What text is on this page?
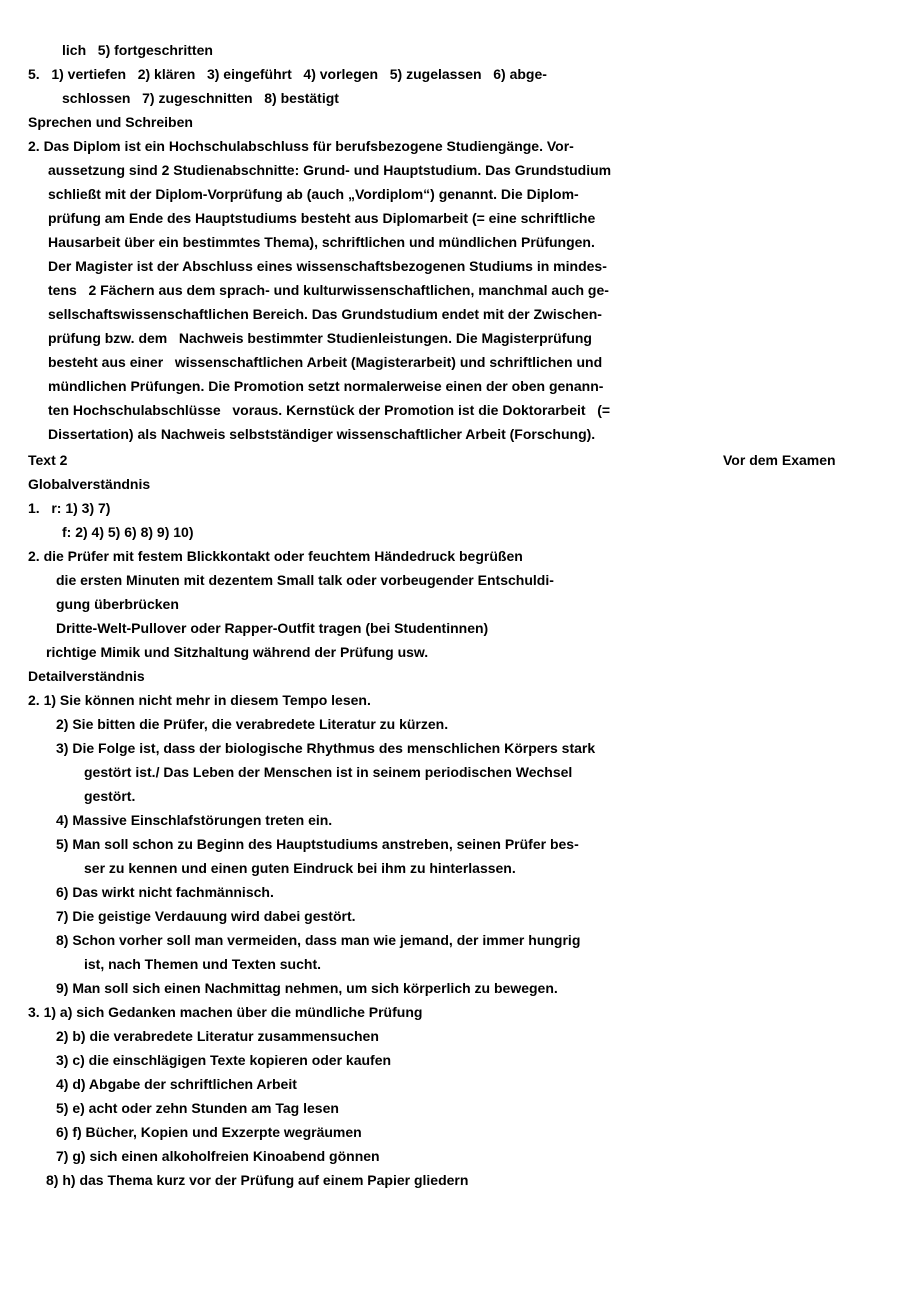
lich   5) fortgeschritten
5.   1) vertiefen   2) klären   3) eingeführt   4) vorlegen   5) zugelassen   6) abge-
schlossen   7) zugeschnitten   8) bestätigt
Sprechen und Schreiben
2. Das Diplom ist ein Hochschulabschluss für berufsbezogene Studiengänge. Vor-
aussetzung sind 2 Studienabschnitte: Grund- und Hauptstudium. Das Grundstudium
schließt mit der Diplom-Vorprüfung ab (auch „Vordiplom“) genannt. Die Diplom-
prüfung am Ende des Hauptstudiums besteht aus Diplomarbeit (= eine schriftliche
Hausarbeit über ein bestimmtes Thema), schriftlichen und mündlichen Prüfungen.
Der Magister ist der Abschluss eines wissenschaftsbezogenen Studiums in mindes-
tens   2 Fächern aus dem sprach- und kulturwissenschaftlichen, manchmal auch ge-
sellschaftswissenschaftlichen Bereich. Das Grundstudium endet mit der Zwischen-
prüfung bzw. dem   Nachweis bestimmter Studienleistungen. Die Magisterprüfung
besteht aus einer   wissenschaftlichen Arbeit (Magisterarbeit) und schriftlichen und
mündlichen Prüfungen. Die Promotion setzt normalerweise einen der oben genann-
ten Hochschulabschlüsse   voraus. Kernstück der Promotion ist die Doktorarbeit   (=
Dissertation) als Nachweis selbstständiger wissenschaftlicher Arbeit (Forschung).
Text 2	Vor dem Examen
Globalverständnis
1.   r: 1) 3) 7)
f: 2) 4) 5) 6) 8) 9) 10)
2. die Prüfer mit festem Blickkontakt oder feuchtem Händedruck begrüßen
die ersten Minuten mit dezentem Small talk oder vorbeugender Entschuldi-
gung überbrücken
Dritte-Welt-Pullover oder Rapper-Outfit tragen (bei Studentinnen)
richtige Mimik und Sitzhaltung während der Prüfung usw.
Detailverständnis
2. 1) Sie können nicht mehr in diesem Tempo lesen.
2) Sie bitten die Prüfer, die verabredete Literatur zu kürzen.
3) Die Folge ist, dass der biologische Rhythmus des menschlichen Körpers stark
gestört ist./ Das Leben der Menschen ist in seinem periodischen Wechsel
gestört.
4) Massive Einschlafstörungen treten ein.
5) Man soll schon zu Beginn des Hauptstudiums anstreben, seinen Prüfer bes-
ser zu kennen und einen guten Eindruck bei ihm zu hinterlassen.
6) Das wirkt nicht fachmännisch.
7) Die geistige Verdauung wird dabei gestört.
8) Schon vorher soll man vermeiden, dass man wie jemand, der immer hungrig
ist, nach Themen und Texten sucht.
9) Man soll sich einen Nachmittag nehmen, um sich körperlich zu bewegen.
3. 1) a) sich Gedanken machen über die mündliche Prüfung
2) b) die verabredete Literatur zusammensuchen
3) c) die einschlägigen Texte kopieren oder kaufen
4) d) Abgabe der schriftlichen Arbeit
5) e) acht oder zehn Stunden am Tag lesen
6) f) Bücher, Kopien und Exzerpte wegräumen
7) g) sich einen alkoholfreien Kinoabend gönnen
8) h) das Thema kurz vor der Prüfung auf einem Papier gliedern
